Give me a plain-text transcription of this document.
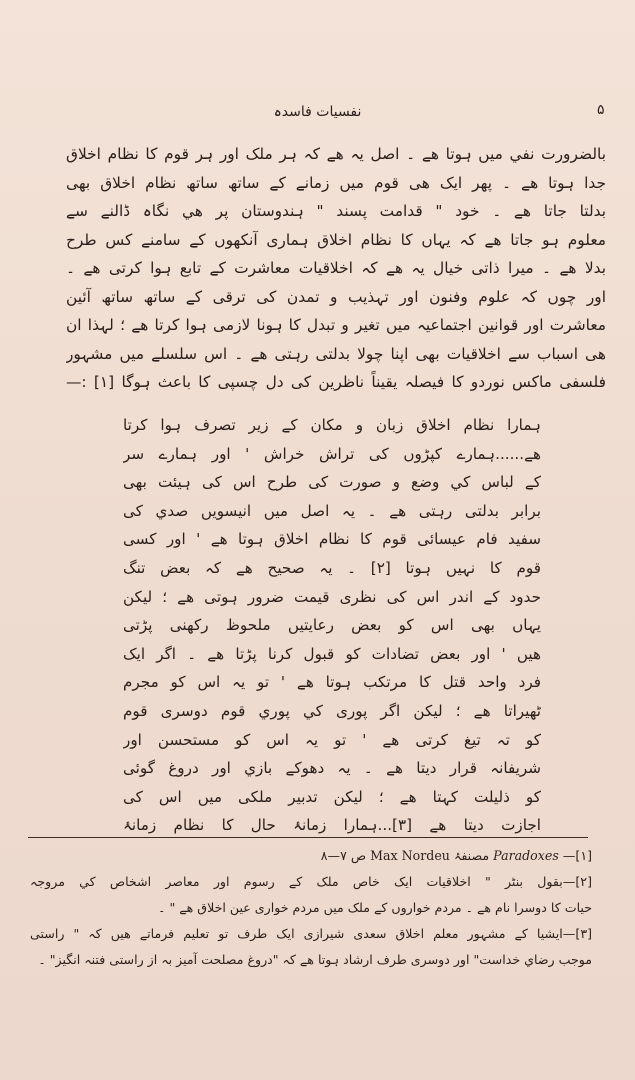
نفسیات فاسدہ	۵
بالضرورت نفي میں ہوتا ھے ۔ اصل یہ ھے کہ ہر ملک اور ہر قوم کا نظام اخلاق
جدا ہوتا ھے ۔ پھر ایک ھی قوم میں زمانے کے ساتھ ساتھ نظام اخلاق بھی
بدلتا جاتا ھے ۔ خود " قدامت پسند " ہندوستان پر ھي نگاہ ڈالنے سے
معلوم ہو جاتا ھے کہ یہاں کا نظام اخلاق ہماری آنکھوں کے سامنے کس طرح
بدلا ھے ۔ میرا ذاتی خیال یہ ھے کہ اخلاقیات معاشرت کے تابع ہوا کرتی ھے ۔
اور چوں کہ علوم وفنون اور تہذیب و تمدن کی ترقی کے ساتھ ساتھ آئین
معاشرت اور قوانین اجتماعیہ میں تغیر و تبدل کا ہونا لازمی ہوا کرتا ھے ؛ لہذا ان
ھی اسباب سے اخلاقیات بھی اپنا چولا بدلتی رہتی ھے ۔ اس سلسلے میں مشہور
فلسفی ماکس نوردو کا فیصلہ یقیناً ناظرین کی دل چسپی کا باعث ہوگا [۱] :—
ہمارا نظام اخلاق زبان و مکان کے زیر تصرف ہوا کرتا
ھے......ہمارے کپڑوں کی تراش خراش ' اور ہمارے سر
کے لباس کي وضع و صورت کی طرح اس کی ہیئت بھی
برابر بدلتی رہتی ھے ۔ یہ اصل میں انیسویں صدي کی
سفید فام عیسائی قوم کا نظام اخلاق ہوتا ھے ' اور کسی
قوم کا نہیں ہوتا [۲] ۔ یہ صحیح ھے کہ بعض تنگ
حدود کے اندر اس کی نظری قیمت ضرور ہوتی ھے ؛ لیکن
یہاں بھی اس کو بعض رعایتیں ملحوظ رکھنی پڑتی
ھیں ' اور بعض تضادات کو قبول کرنا پڑتا ھے ۔ اگر ایک
فرد واحد قتل کا مرتکب ہوتا ھے ' تو یہ اس کو مجرم
ٹھیراتا ھے ؛ لیکن اگر پوری کي پوري قوم دوسری قوم
کو تہ تیغ کرتی ھے ' تو یہ اس کو مستحسن اور
شریفانہ قرار دیتا ھے ۔ یہ دھوکے بازي اور دروغ گوئی
کو ذلیلت کہتا ھے ؛ لیکن تدبیر ملکی میں اس کی
اجازت دیتا ھے [۳]...ہمارا زمانۂ حال کا نظام زمانۂ
[۱]— Paradoxes مصنفۂ Max Nordeu ص ۷—۸
[۲]—بقول بنٹر " اخلاقیات ایک خاص ملک کے رسوم اور معاصر اشخاص کي مروجہ
حیات کا دوسرا نام ھے ۔ مردم خواروں کے ملک میں مردم خواری عین اخلاق ھے " ۔
[۳]—ایشیا کے مشہور معلم اخلاق سعدی شیرازی ایک طرف تو تعلیم فرماتے ھیں کہ " راستی
موجب رضاي خداست" اور دوسری طرف ارشاد ہوتا ھے کہ "دروغ مصلحت آمیز بہ از راستی فتنہ انگیز" ۔
